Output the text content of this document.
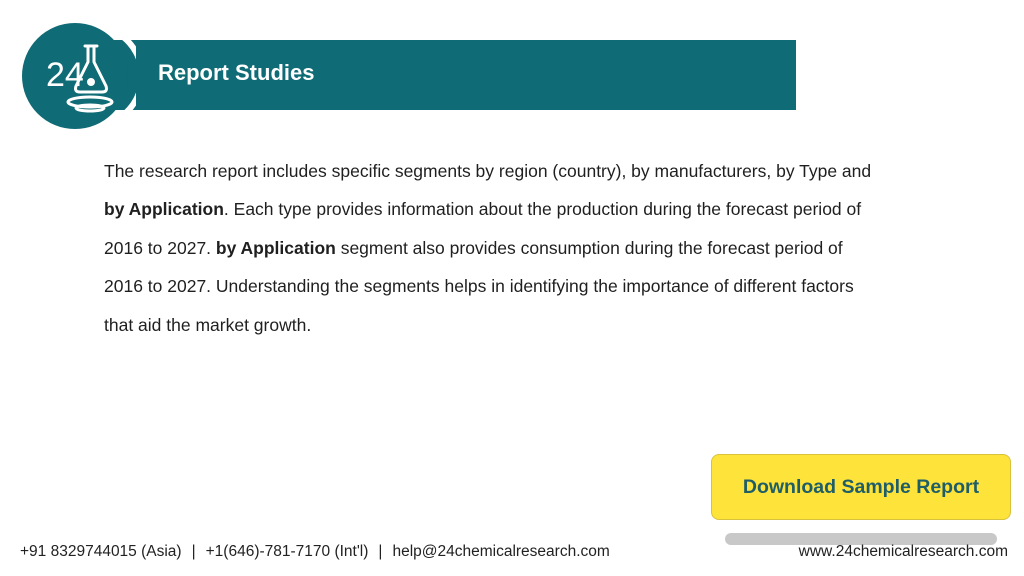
Report Studies
24

The research report includes specific segments by region (country), by manufacturers, by Type and by Application. Each type provides information about the production during the forecast period of 2016 to 2027. by Application segment also provides consumption during the forecast period of 2016 to 2027. Understanding the segments helps in identifying the importance of different factors that aid the market growth.

Download Sample Report
+91 8329744015 (Asia) | +1(646)-781-7170 (Int'l) | help@24chemicalresearch.com	www.24chemicalresearch.com
